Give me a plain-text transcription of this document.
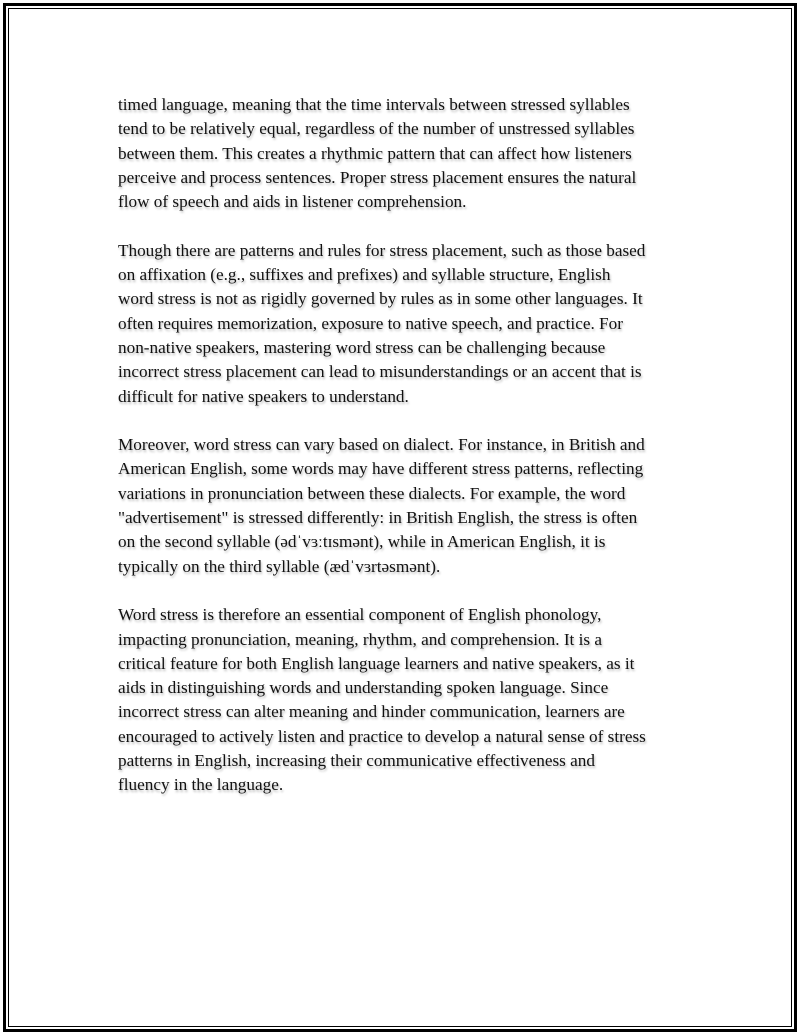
timed language, meaning that the time intervals between stressed syllables
tend to be relatively equal, regardless of the number of unstressed syllables
between them. This creates a rhythmic pattern that can affect how listeners
perceive and process sentences. Proper stress placement ensures the natural
flow of speech and aids in listener comprehension.

Though there are patterns and rules for stress placement, such as those based
on affixation (e.g., suffixes and prefixes) and syllable structure, English
word stress is not as rigidly governed by rules as in some other languages. It
often requires memorization, exposure to native speech, and practice. For
non-native speakers, mastering word stress can be challenging because
incorrect stress placement can lead to misunderstandings or an accent that is
difficult for native speakers to understand.

Moreover, word stress can vary based on dialect. For instance, in British and
American English, some words may have different stress patterns, reflecting
variations in pronunciation between these dialects. For example, the word
"advertisement" is stressed differently: in British English, the stress is often
on the second syllable (ədˈvɜːtɪsmənt), while in American English, it is
typically on the third syllable (ædˈvɜrtəsmənt).

Word stress is therefore an essential component of English phonology,
impacting pronunciation, meaning, rhythm, and comprehension. It is a
critical feature for both English language learners and native speakers, as it
aids in distinguishing words and understanding spoken language. Since
incorrect stress can alter meaning and hinder communication, learners are
encouraged to actively listen and practice to develop a natural sense of stress
patterns in English, increasing their communicative effectiveness and
fluency in the language.
